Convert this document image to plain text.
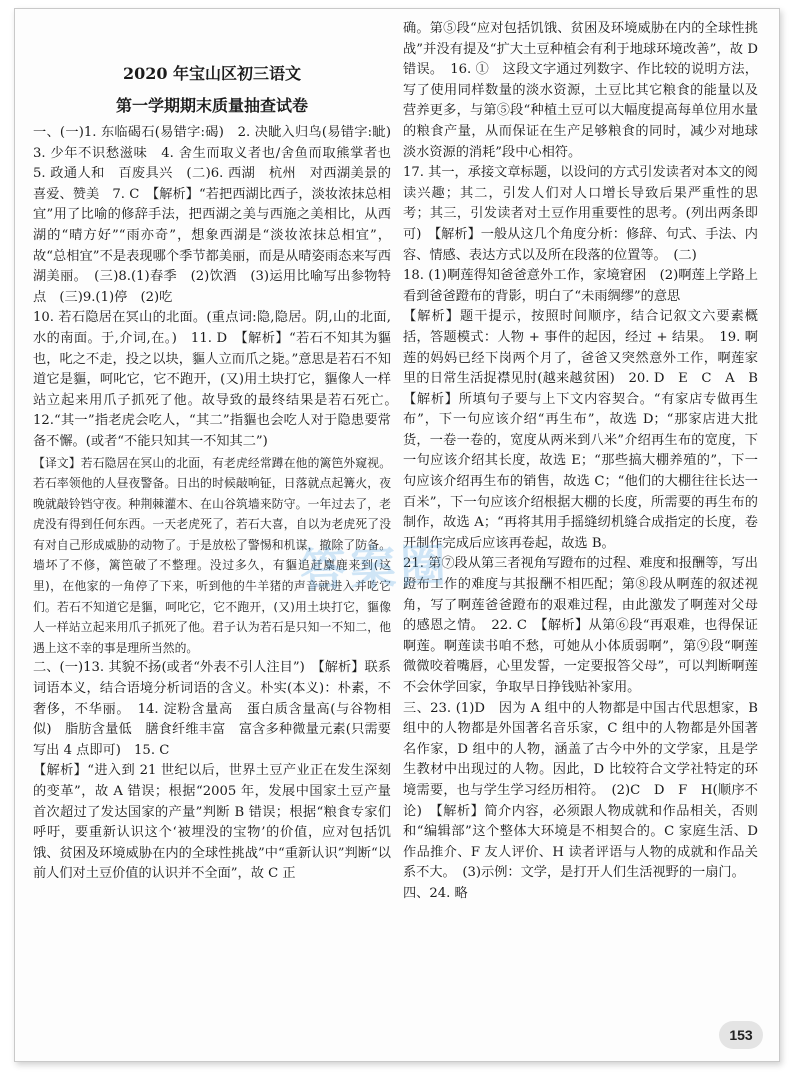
2020 年宝山区初三语文
第一学期期末质量抽查试卷

一、(一)1. 东临碣石(易错字:碣)　2. 决眦入归鸟(易错字:眦)　3. 少年不识愁滋味　4. 舍生而取义者也/舍鱼而取熊掌者也　5. 政通人和　百废具兴　(二)6. 西湖　杭州　对西湖美景的喜爱、赞美　7. C　【解析】“若把西湖比西子，淡妆浓抹总相宜”用了比喻的修辞手法，把西湖之美与西施之美相比，从西湖的“晴方好”“雨亦奇”，想象西湖是“淡妆浓抹总相宜”，故“总相宜”不是表现哪个季节都美丽，而是从晴姿雨态来写西湖美丽。　(三)8.(1)春季　(2)饮酒　(3)运用比喻写出参物特点　(三)9.(1)停　(2)吃

10. 若石隐居在冥山的北面。(重点词:隐,隐居。阴,山的北面,水的南面。于,介词,在。)　11. D　【解析】“若石不知其为貙也，叱之不走，投之以块，貙人立而爪之毙。”意思是若石不知道它是貙，呵叱它，它不跑开，(又)用土块打它，貙像人一样站立起来用爪子抓死了他。故导致的最终结果是若石死亡。　12.“其一”指老虎会吃人，“其二”指貙也会吃人对于隐患要常备不懈。(或者“不能只知其一不知其二”)

【译文】若石隐居在冥山的北面，有老虎经常蹲在他的篱笆外窥视。若石率领他的人昼夜警备。日出的时候敲响钲，日落就点起篝火，夜晚就敲铃铛守夜。种荆棘灌木、在山谷筑墙来防守。一年过去了，老虎没有得到任何东西。一天老虎死了，若石大喜，自以为老虎死了没有对自己形成威胁的动物了。于是放松了警惕和机谋，撤除了防备。墙坏了不修，篱笆破了不整理。没过多久，有貙追赶麋鹿来到(这里)，在他家的一角停了下来，听到他的牛羊猪的声音就进入并吃它们。若石不知道它是貙，呵叱它，它不跑开，(又)用土块打它，貙像人一样站立起来用爪子抓死了他。君子认为若石是只知一不知二，他遇上这不幸的事是理所当然的。

二、(一)13. 其貌不扬(或者“外表不引人注目”)　【解析】联系词语本义，结合语境分析词语的含义。朴实(本义)：朴素，不奢侈，不华丽。　14. 淀粉含量高　蛋白质含量高(与谷物相似)　脂肪含量低　膳食纤维丰富　富含多种微量元素(只需要写出 4 点即可)　15. C

【解析】“进入到 21 世纪以后，世界土豆产业正在发生深刻的变革”，故 A 错误；根据“2005 年，发展中国家土豆产量首次超过了发达国家的产量”判断 B 错误；根据“粮食专家们呼吁，要重新认识这个‘被埋没的宝物’的价值，应对包括饥饿、贫困及环境威胁在内的全球性挑战”中“重新认识”判断“以前人们对土豆价值的认识并不全面”，故 C 正

确。第⑤段“应对包括饥饿、贫困及环境威胁在内的全球性挑战”并没有提及“扩大土豆种植会有利于地球环境改善”，故 D 错误。　16. ①　这段文字通过列数字、作比较的说明方法，写了使用同样数量的淡水资源，土豆比其它粮食的能量以及营养更多，与第⑤段“种植土豆可以大幅度提高每单位用水量的粮食产量，从而保证在生产足够粮食的同时，减少对地球淡水资源的消耗”段中心相符。

17. 其一，承接文章标题，以设问的方式引发读者对本文的阅读兴趣；其二，引发人们对人口增长导致后果严重性的思考；其三，引发读者对土豆作用重要性的思考。(列出两条即可)　【解析】一般从这几个角度分析：修辞、句式、手法、内容、情感、表达方式以及所在段落的位置等。　(二)

18. (1)啊莲得知爸爸意外工作，家境窘困　(2)啊莲上学路上看到爸爸蹬布的背影，明白了“未雨绸缪”的意思

【解析】题干提示，按照时间顺序，结合记叙文六要素概括，答题模式：人物 + 事件的起因，经过 + 结果。　19. 啊莲的妈妈已经下岗两个月了，爸爸又突然意外工作，啊莲家里的日常生活捉襟见肘(越来越贫困)　20. D　E　C　A　B　【解析】所填句子要与上下文内容契合。“有家店专做再生布”，下一句应该介绍“再生布”，故选 D；“那家店进大批货，一卷一卷的，宽度从两米到八米”介绍再生布的宽度，下一句应该介绍其长度，故选 E；“那些搞大棚养殖的”，下一句应该介绍再生布的销售，故选 C；“他们的大棚往往长达一百米”，下一句应该介绍根据大棚的长度，所需要的再生布的制作，故选 A；“再将其用手摇缝纫机缝合成指定的长度，卷开制作完成后应该再卷起，故选 B。

21. 第⑦段从第三者视角写蹬布的过程、难度和报酬等，写出蹬布工作的难度与其报酬不相匹配；第⑧段从啊莲的叙述视角，写了啊莲爸爸蹬布的艰难过程，由此激发了啊莲对父母的感恩之情。　22. C　【解析】从第⑥段“再艰难，也得保证啊莲。啊莲读书咱不愁，可她从小体质弱啊”，第⑨段“啊莲微微咬着嘴唇，心里发誓，一定要报答父母”，可以判断啊莲不会休学回家，争取早日挣钱贴补家用。

三、23. (1)D　因为 A 组中的人物都是中国古代思想家，B 组中的人物都是外国著名音乐家，C 组中的人物都是外国著名作家，D 组中的人物，涵盖了古今中外的文学家，且是学生教材中出现过的人物。因此，D 比较符合文学社特定的环境需要，也与学生学习经历相符。　(2)C　D　F　H(顺序不论)　【解析】简介内容，必须跟人物成就和作品相关，否则和“编辑部”这个整体大环境是不相契合的。C 家庭生活、D 作品推介、F 友人评价、H 读者评语与人物的成就和作品关系不大。　(3)示例：文学，是打开人们生活视野的一扇门。

四、24. 略

答案圈
153
